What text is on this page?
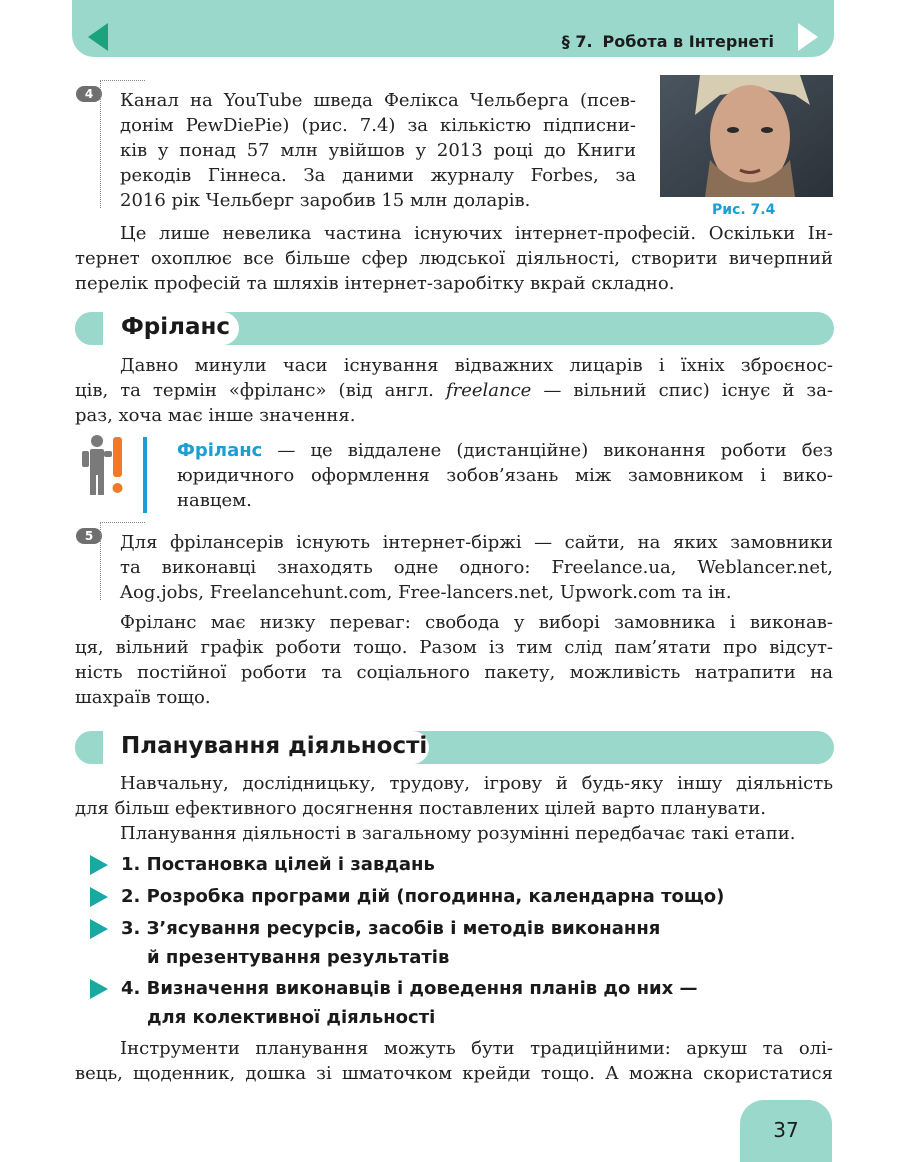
§ 7. Робота в Інтернеті
4	Канал на YouTube шведа Фелікса Чельберга (псев-
донім PewDiePie) (рис. 7.4) за кількістю підписни-
ків у понад 57 млн увійшов у 2013 році до Книги
рекодів Гіннеса. За даними журналу Forbes, за
2016 рік Чельберг заробив 15 млн доларів.	Рис. 7.4
Це лише невелика частина існуючих інтернет-професій. Оскільки Ін-
тернет охоплює все більше сфер людської діяльності, створити вичерпний
перелік професій та шляхів інтернет-заробітку вкрай складно.
Фріланс
Давно минули часи існування відважних лицарів і їхніх зброєнос-
ців, та термін «фріланс» (від англ. freelance — вільний спис) існує й за-
раз, хоча має інше значення.
Фріланс — це віддалене (дистанційне) виконання роботи без
юридичного оформлення зобов’язань між замовником і вико-
навцем.
5	Для фрілансерів існують інтернет-біржі — сайти, на яких замовники
та виконавці знаходять одне одного: Freelance.ua, Weblancer.net,
Aog.jobs, Freelancehunt.com, Free-lancers.net, Upwork.com та ін.
Фріланс має низку переваг: свобода у виборі замовника і виконав-
ця, вільний графік роботи тощо. Разом із тим слід пам’ятати про відсут-
ність постійної роботи та соціального пакету, можливість натрапити на
шахраїв тощо.
Планування діяльності
Навчальну, дослідницьку, трудову, ігрову й будь-яку іншу діяльність
для більш ефективного досягнення поставлених цілей варто планувати.
Планування діяльності в загальному розумінні передбачає такі етапи.
1. Постановка цілей і завдань
2. Розробка програми дій (погодинна, календарна тощо)
3. З’ясування ресурсів, засобів і методів виконання
й презентування результатів
4. Визначення виконавців і доведення планів до них —
для колективної діяльності
Інструменти планування можуть бути традиційними: аркуш та олі-
вець, щоденник, дошка зі шматочком крейди тощо. А можна скористатися
37
